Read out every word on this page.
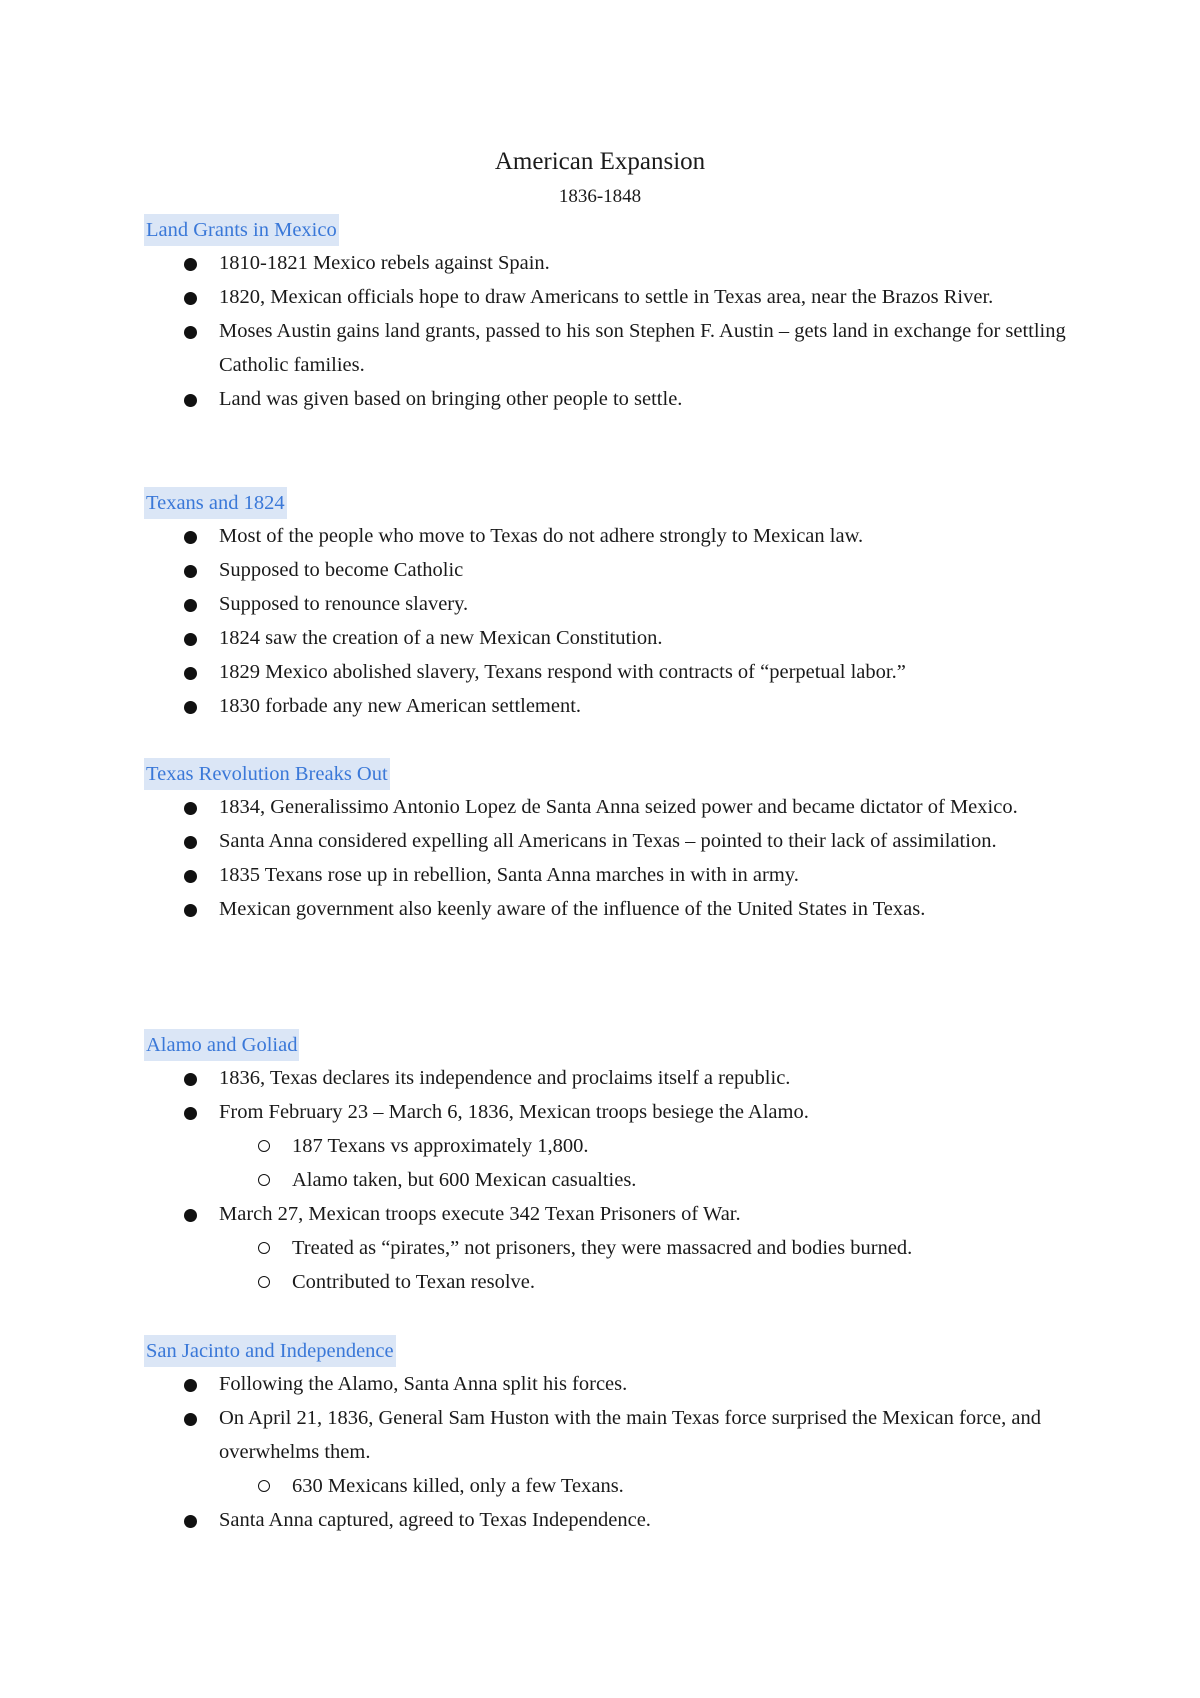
American Expansion
1836-1848
Land Grants in Mexico
1810-1821 Mexico rebels against Spain.
1820, Mexican officials hope to draw Americans to settle in Texas area, near the Brazos River.
Moses Austin gains land grants, passed to his son Stephen F. Austin – gets land in exchange for settling Catholic families.
Land was given based on bringing other people to settle.
Texans and 1824
Most of the people who move to Texas do not adhere strongly to Mexican law.
Supposed to become Catholic
Supposed to renounce slavery.
1824 saw the creation of a new Mexican Constitution.
1829 Mexico abolished slavery, Texans respond with contracts of “perpetual labor.”
1830 forbade any new American settlement.
Texas Revolution Breaks Out
1834, Generalissimo Antonio Lopez de Santa Anna seized power and became dictator of Mexico.
Santa Anna considered expelling all Americans in Texas – pointed to their lack of assimilation.
1835 Texans rose up in rebellion, Santa Anna marches in with in army.
Mexican government also keenly aware of the influence of the United States in Texas.
Alamo and Goliad
1836, Texas declares its independence and proclaims itself a republic.
From February 23 – March 6, 1836, Mexican troops besiege the Alamo.
187 Texans vs approximately 1,800.
Alamo taken, but 600 Mexican casualties.
March 27, Mexican troops execute 342 Texan Prisoners of War.
Treated as “pirates,” not prisoners, they were massacred and bodies burned.
Contributed to Texan resolve.
San Jacinto and Independence
Following the Alamo, Santa Anna split his forces.
On April 21, 1836, General Sam Huston with the main Texas force surprised the Mexican force, and overwhelms them.
630 Mexicans killed, only a few Texans.
Santa Anna captured, agreed to Texas Independence.
